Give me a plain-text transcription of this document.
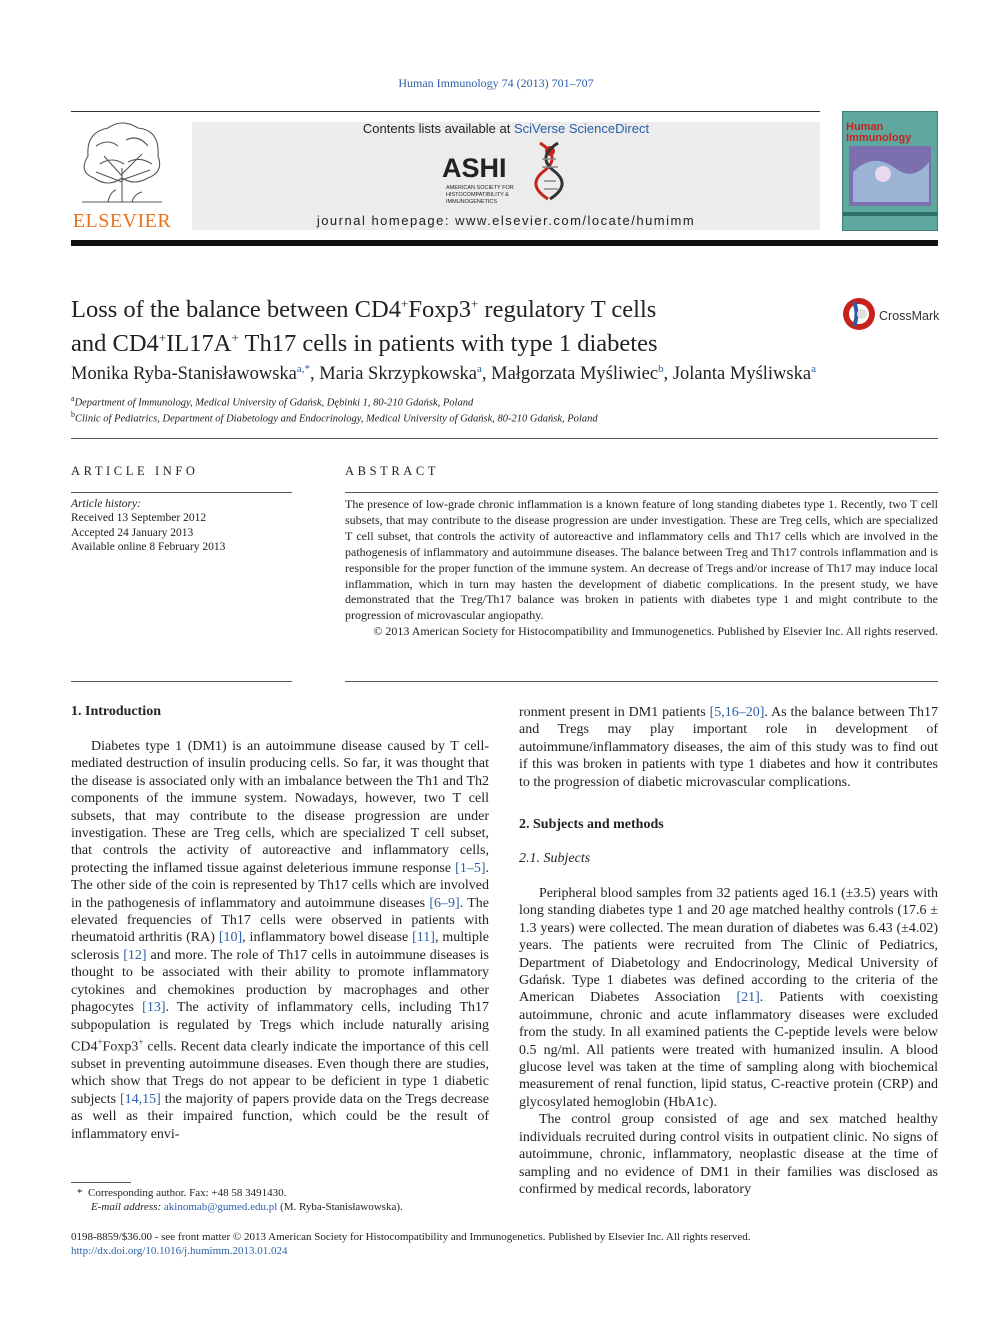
Human Immunology 74 (2013) 701–707
ELSEVIER
Contents lists available at SciVerse ScienceDirect
ASHI
AMERICAN SOCIETY FOR
HISTOCOMPATIBILITY &
IMMUNOGENETICS
journal homepage: www.elsevier.com/locate/humimm
Human Immunology
Loss of the balance between CD4+Foxp3+ regulatory T cells
and CD4+IL17A+ Th17 cells in patients with type 1 diabetes
CrossMark
Monika Ryba-Stanisławowska$^{a,*}$, Maria Skrzypkowska$^a$, Małgorzata Myśliwiec$^b$, Jolanta Myśliwska$^a$
$^a$Department of Immunology, Medical University of Gdańsk, Dębinki 1, 80-210 Gdańsk, Poland
$^b$Clinic of Pediatrics, Department of Diabetology and Endocrinology, Medical University of Gdańsk, 80-210 Gdańsk, Poland
ARTICLE INFO
Article history:
Received 13 September 2012
Accepted 24 January 2013
Available online 8 February 2013
ABSTRACT
The presence of low-grade chronic inflammation is a known feature of long standing diabetes type 1. Recently, two T cell subsets, that may contribute to the disease progression are under investigation. These are Treg cells, which are specialized T cell subset, that controls the activity of autoreactive and inflammatory cells and Th17 cells which are involved in the pathogenesis of inflammatory and autoimmune diseases. The balance between Treg and Th17 controls inflammation and is responsible for the proper function of the immune system. An decrease of Tregs and/or increase of Th17 may induce local inflammation, which in turn may hasten the development of diabetic complications. In the present study, we have demonstrated that the Treg/Th17 balance was broken in patients with diabetes type 1 and might contribute to the progression of microvascular angiopathy.
© 2013 American Society for Histocompatibility and Immunogenetics. Published by Elsevier Inc. All rights reserved.
1. Introduction

Diabetes type 1 (DM1) is an autoimmune disease caused by T cell-mediated destruction of insulin producing cells. So far, it was thought that the disease is associated only with an imbalance between the Th1 and Th2 components of the immune system. Nowadays, however, two T cell subsets, that may contribute to the disease progression are under investigation. These are Treg cells, which are specialized T cell subset, that controls the activity of autoreactive and inflammatory cells, protecting the inflamed tissue against deleterious immune response [1–5]. The other side of the coin is represented by Th17 cells which are involved in the pathogenesis of inflammatory and autoimmune diseases [6–9]. The elevated frequencies of Th17 cells were observed in patients with rheumatoid arthritis (RA) [10], inflammatory bowel disease [11], multiple sclerosis [12] and more. The role of Th17 cells in autoimmune diseases is thought to be associated with their ability to promote inflammatory cytokines and chemokines production by macrophages and other phagocytes [13]. The activity of inflammatory cells, including Th17 subpopulation is regulated by Tregs which include naturally arising CD4+Foxp3+ cells. Recent data clearly indicate the importance of this cell subset in preventing autoimmune diseases. Even though there are studies, which show that Tregs do not appear to be deficient in type 1 diabetic subjects [14,15] the majority of papers provide data on the Tregs decrease as well as their impaired function, which could be the result of inflammatory envi-

* Corresponding author. Fax: +48 58 3491430.
E-mail address: akinomab@gumed.edu.pl (M. Ryba-Stanisławowska).

ronment present in DM1 patients [5,16–20]. As the balance between Th17 and Tregs may play important role in development of autoimmune/inflammatory diseases, the aim of this study was to find out if this was broken in patients with type 1 diabetes and how it contributes to the progression of diabetic microvascular complications.

2. Subjects and methods
2.1. Subjects

Peripheral blood samples from 32 patients aged 16.1 (±3.5) years with long standing diabetes type 1 and 20 age matched healthy controls (17.6 ± 1.3 years) were collected. The mean duration of diabetes was 6.43 (±4.02) years. The patients were recruited from The Clinic of Pediatrics, Department of Diabetology and Endocrinology, Medical University of Gdańsk. Type 1 diabetes was defined according to the criteria of the American Diabetes Association [21]. Patients with coexisting autoimmune, chronic and acute inflammatory diseases were excluded from the study. In all examined patients the C-peptide levels were below 0.5 ng/ml. All patients were treated with humanized insulin. A blood glucose level was taken at the time of sampling along with biochemical measurement of renal function, lipid status, C-reactive protein (CRP) and glycosylated hemoglobin (HbA1c).

The control group consisted of age and sex matched healthy individuals recruited during control visits in outpatient clinic. No signs of autoimmune, chronic, inflammatory, neoplastic disease at the time of sampling and no evidence of DM1 in their families was disclosed as confirmed by medical records, laboratory

0198-8859/$36.00 - see front matter © 2013 American Society for Histocompatibility and Immunogenetics. Published by Elsevier Inc. All rights reserved.
http://dx.doi.org/10.1016/j.humimm.2013.01.024
